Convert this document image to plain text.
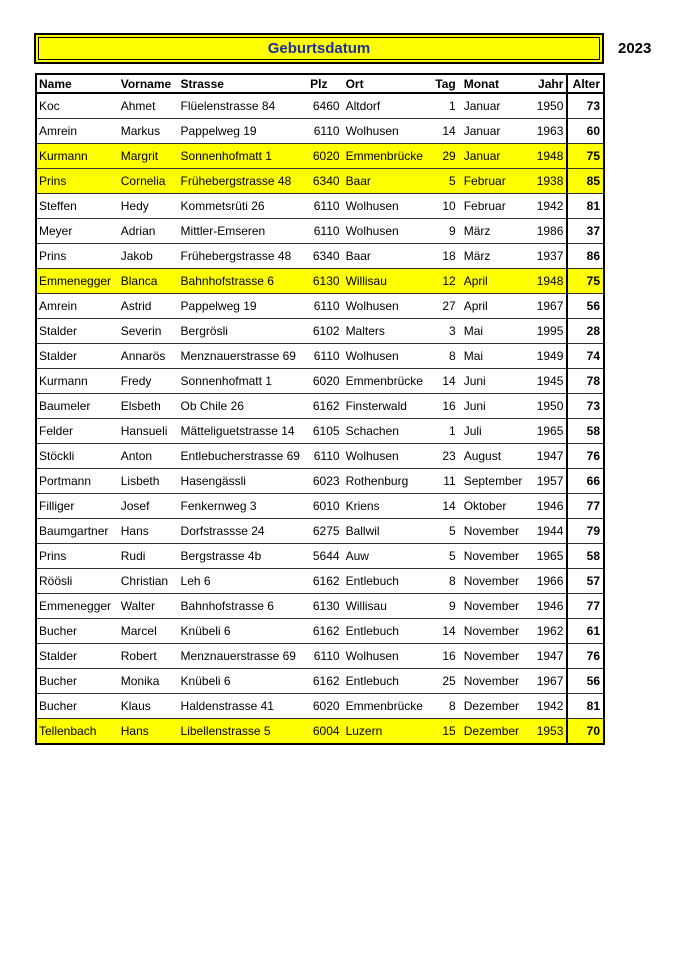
Geburtsdatum	2023
Name	Vorname	Strasse	Plz	Ort	Tag	Monat	Jahr	Alter
Koc	Ahmet	Flüelenstrasse 84	6460	Altdorf	1	Januar	1950	73
Amrein	Markus	Pappelweg 19	6110	Wolhusen	14	Januar	1963	60
Kurmann	Margrit	Sonnenhofmatt 1	6020	Emmenbrücke	29	Januar	1948	75
Prins	Cornelia	Frühebergstrasse 48	6340	Baar	5	Februar	1938	85
Steffen	Hedy	Kommetsrüti 26	6110	Wolhusen	10	Februar	1942	81
Meyer	Adrian	Mittler-Emseren	6110	Wolhusen	9	März	1986	37
Prins	Jakob	Frühebergstrasse 48	6340	Baar	18	März	1937	86
Emmenegger	Blanca	Bahnhofstrasse 6	6130	Willisau	12	April	1948	75
Amrein	Astrid	Pappelweg 19	6110	Wolhusen	27	April	1967	56
Stalder	Severin	Bergrösli	6102	Malters	3	Mai	1995	28
Stalder	Annarös	Menznauerstrasse 69	6110	Wolhusen	8	Mai	1949	74
Kurmann	Fredy	Sonnenhofmatt 1	6020	Emmenbrücke	14	Juni	1945	78
Baumeler	Elsbeth	Ob Chile 26	6162	Finsterwald	16	Juni	1950	73
Felder	Hansueli	Mätteliguetstrasse 14	6105	Schachen	1	Juli	1965	58
Stöckli	Anton	Entlebucherstrasse 69	6110	Wolhusen	23	August	1947	76
Portmann	Lisbeth	Hasengässli	6023	Rothenburg	11	September	1957	66
Filliger	Josef	Fenkernweg 3	6010	Kriens	14	Oktober	1946	77
Baumgartner	Hans	Dorfstrassse 24	6275	Ballwil	5	November	1944	79
Prins	Rudi	Bergstrasse 4b	5644	Auw	5	November	1965	58
Röösli	Christian	Leh 6	6162	Entlebuch	8	November	1966	57
Emmenegger	Walter	Bahnhofstrasse 6	6130	Willisau	9	November	1946	77
Bucher	Marcel	Knübeli 6	6162	Entlebuch	14	November	1962	61
Stalder	Robert	Menznauerstrasse 69	6110	Wolhusen	16	November	1947	76
Bucher	Monika	Knübeli 6	6162	Entlebuch	25	November	1967	56
Bucher	Klaus	Haldenstrasse 41	6020	Emmenbrücke	8	Dezember	1942	81
Tellenbach	Hans	Libellenstrasse 5	6004	Luzern	15	Dezember	1953	70
